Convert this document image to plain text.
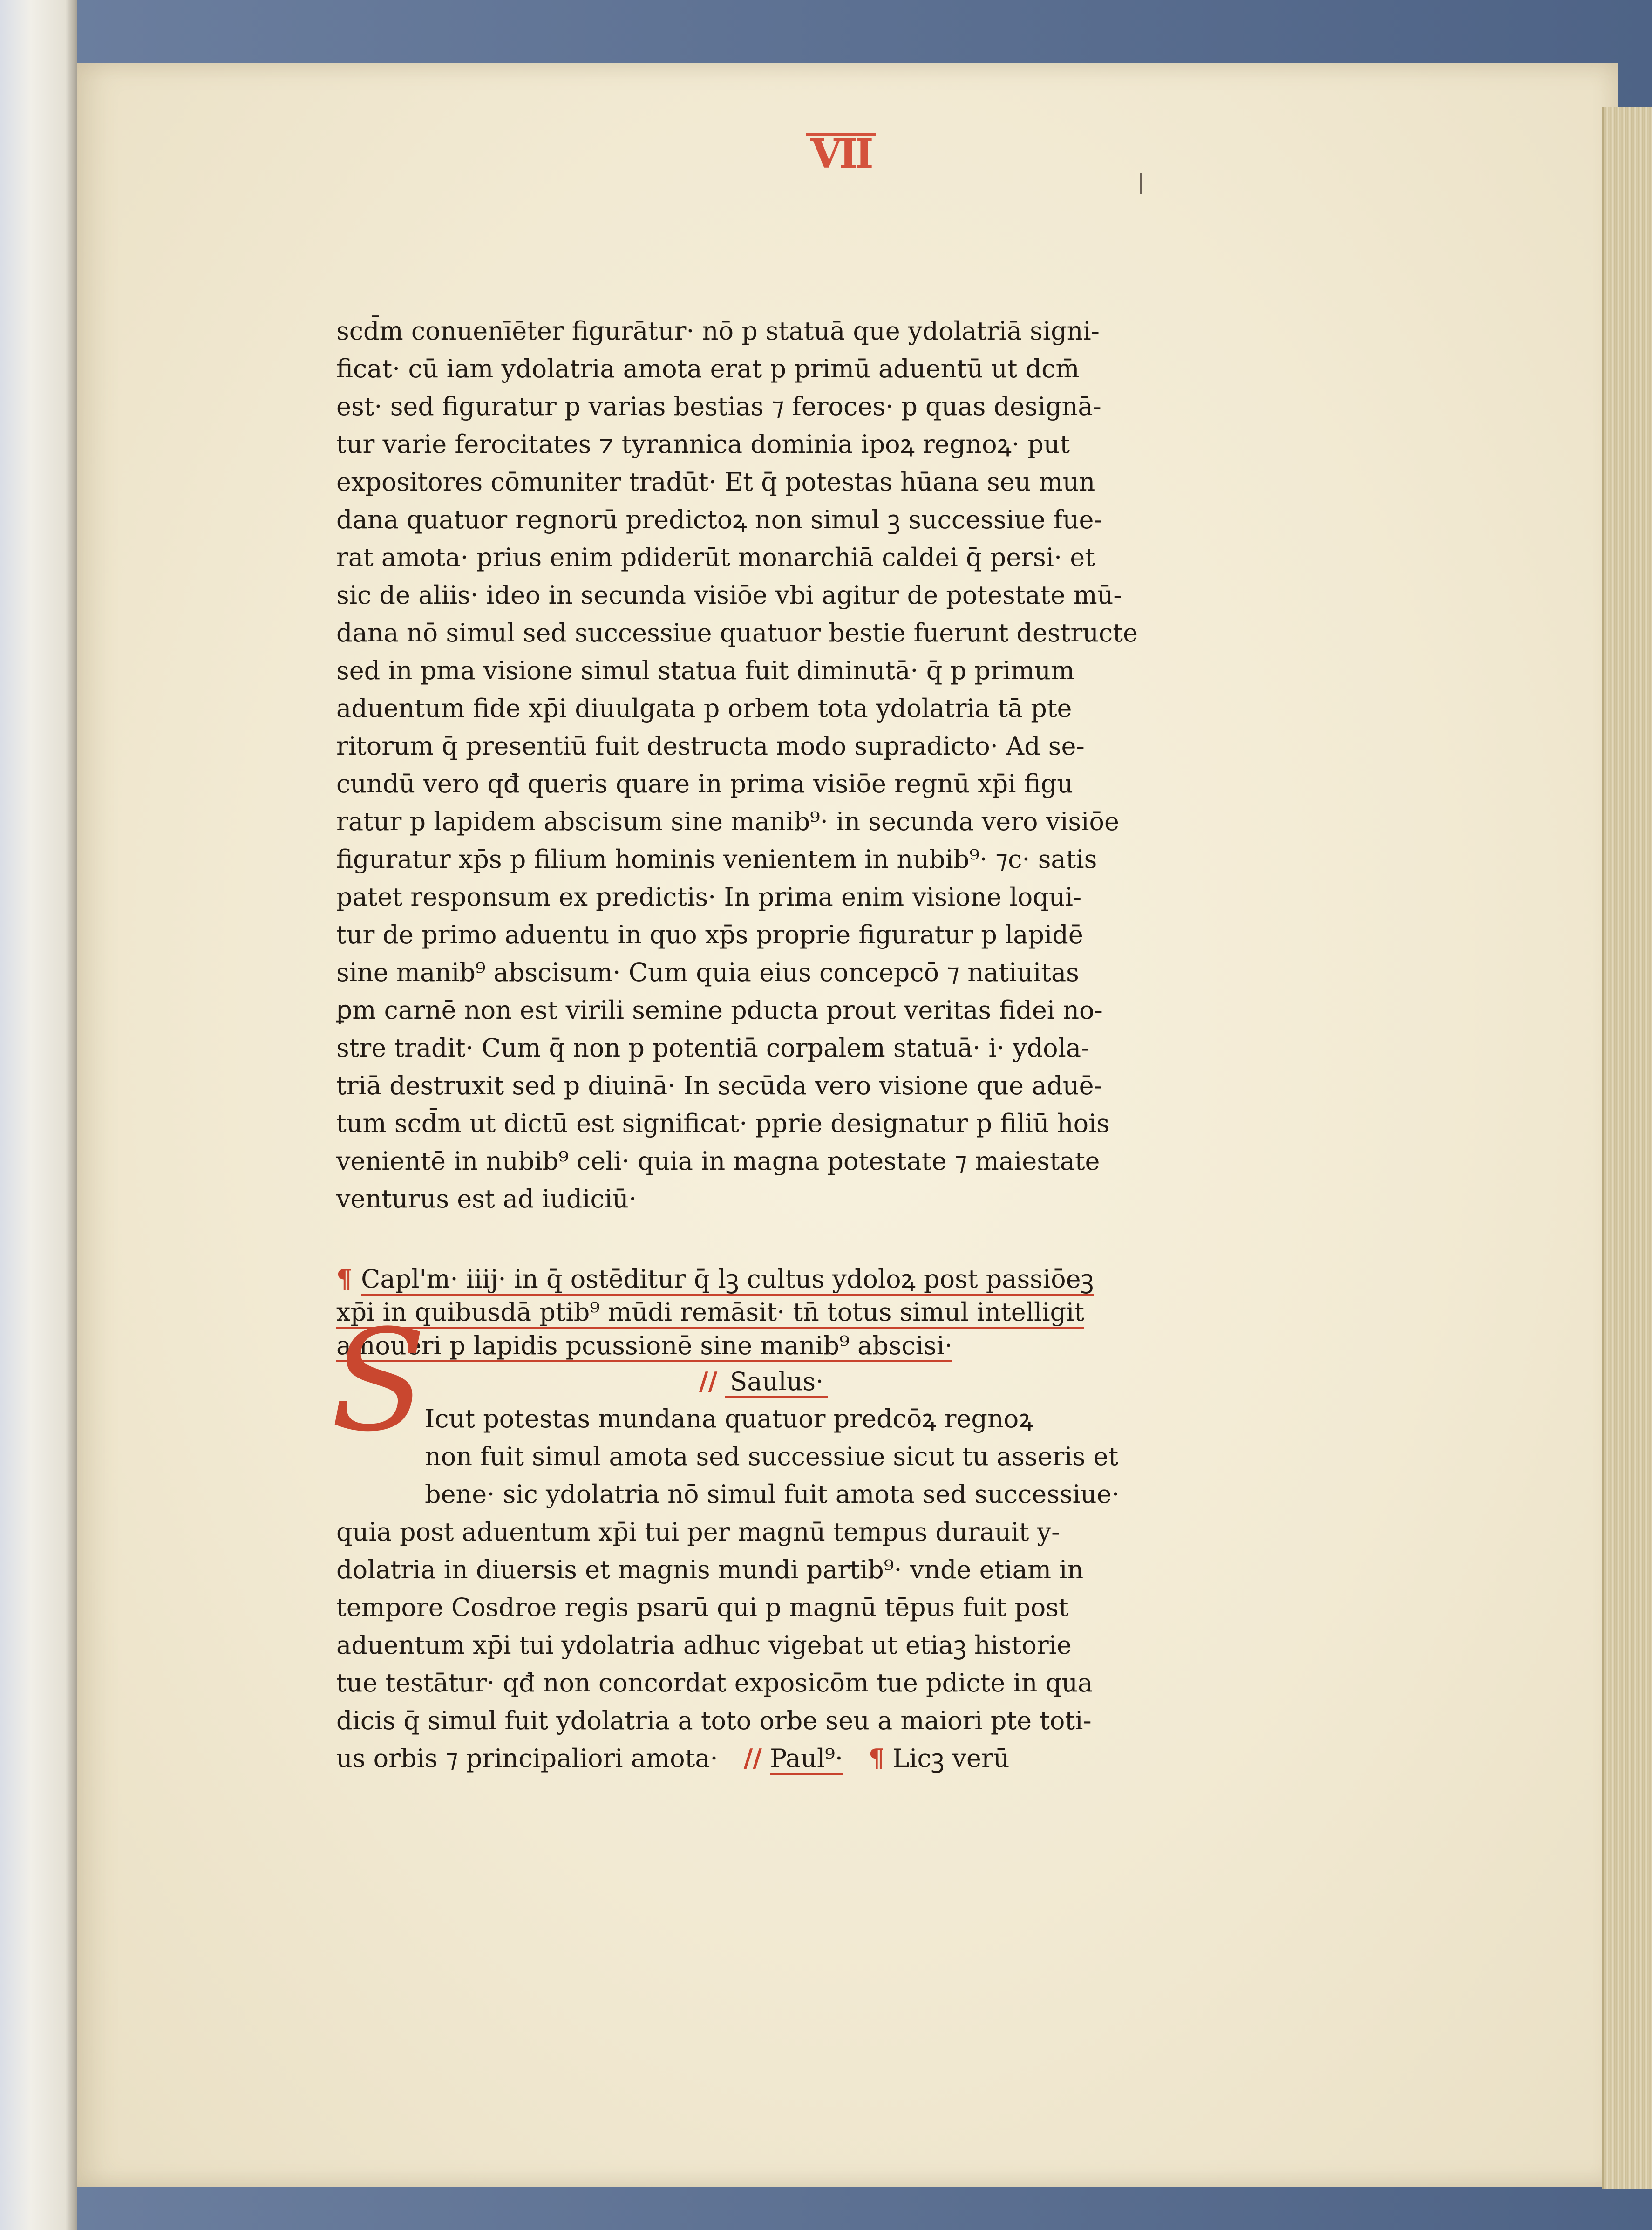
VII
scd̄m conuenīēter figurātur· nō p statuā que ydolatriā signi-
ficat· cū iam ydolatria amota erat p primū aduentū ut dcm̄
est· sed figuratur p varias bestias ⁊ feroces· p quas designā-
tur varie ferocitates ⁊ tyrannica dominia ipoꝝ regnoꝝ· put
expositores cōmuniter tradūt· Et q̄ potestas hūana seu mun
dana quatuor regnorū predictoꝝ non simul ꝫ successiue fue-
rat amota· prius enim pdiderūt monarchiā caldei q̄ persi· et
sic de aliis· ideo in secunda visiōe vbi agitur de potestate mū-
dana nō simul sed successiue quatuor bestie fuerunt destructe
sed in pma visione simul statua fuit diminutā· q̄ p primum
aduentum fide xp̄i diuulgata p orbem tota ydolatria tā pte
ritorum q̄ presentiū fuit destructa modo supradicto· Ad se-
cundū vero qđ queris quare in prima visiōe regnū xp̄i figu
ratur p lapidem abscisum sine manib⁹· in secunda vero visiōe
figuratur xp̄s p filium hominis venientem in nubib⁹· ⁊c· satis
patet responsum ex predictis· In prima enim visione loqui-
tur de primo aduentu in quo xp̄s proprie figuratur p lapidē
sine manib⁹ abscisum· Cum quia eius concepcō ⁊ natiuitas
ꝑm carnē non est virili semine pducta prout veritas fidei no-
stre tradit· Cum q̄ non p potentiā corpalem statuā· i· ydola-
triā destruxit sed p diuinā· In secūda vero visione que aduē-
tum scd̄m ut dictū est significat· pprie designatur p filiū hois
venientē in nubib⁹ celi· quia in magna potestate ⁊ maiestate
venturus est ad iudiciū·
¶ Capl'm· iiij· in q̄ ostēditur q̄ lꝫ cultus ydoloꝝ post passiōeꝫ
xp̄i in quibusdā ptib⁹ mūdi remāsit· tn̄ totus simul intelligit
amoueri p lapidis pcussionē sine manib⁹ abscisi·
// Saulus·
Icut potestas mundana quatuor predcōꝝ regnoꝝ
non fuit simul amota sed successiue sicut tu asseris et
bene· sic ydolatria nō simul fuit amota sed successiue·
quia post aduentum xp̄i tui per magnū tempus durauit y-
dolatria in diuersis et magnis mundi partib⁹· vnde etiam in
tempore Cosdroe regis psarū qui p magnū tēpus fuit post
aduentum xp̄i tui ydolatria adhuc vigebat ut etiaꝫ historie
tue testātur· qđ non concordat exposicōm tue pdicte in qua
dicis q̄ simul fuit ydolatria a toto orbe seu a maiori pte toti-
us orbis ⁊ principaliori amota·   // Paul⁹·   ¶ Licꝫ verū
S
